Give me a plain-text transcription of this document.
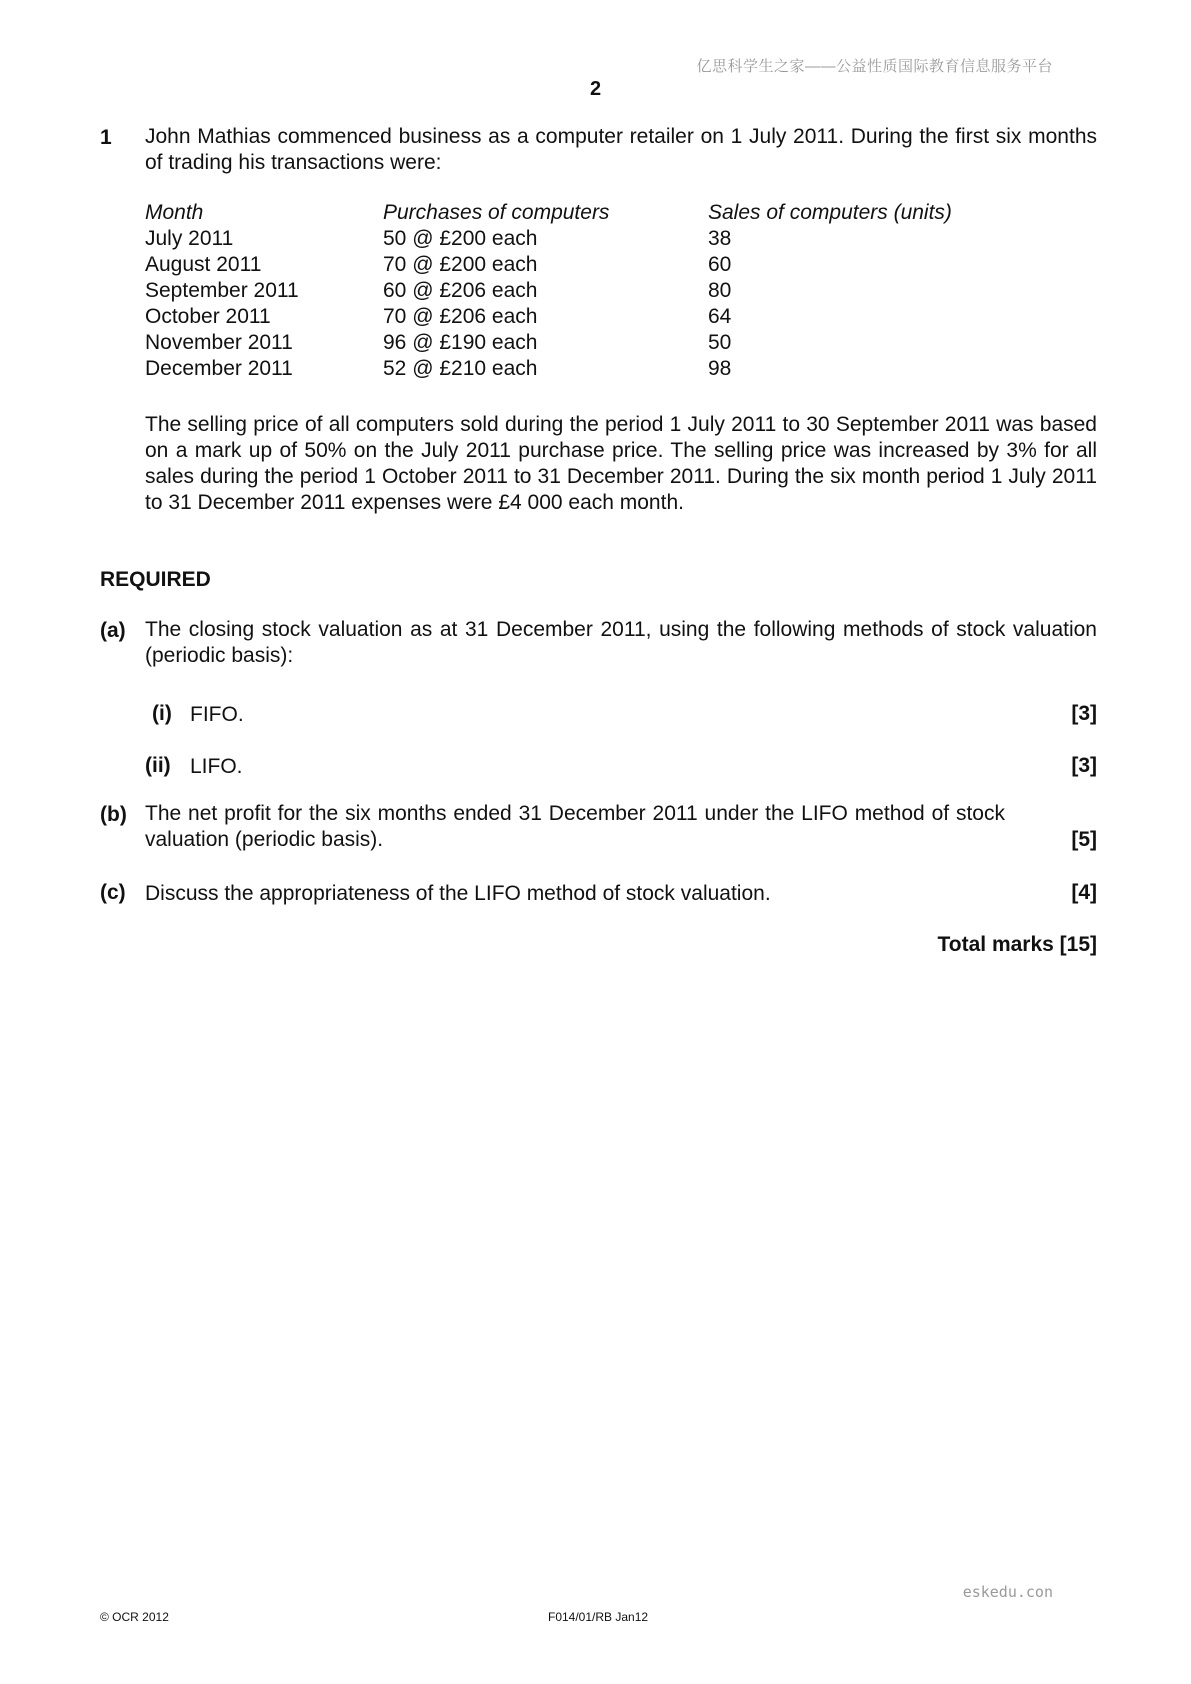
亿思科学生之家——公益性质国际教育信息服务平台
2
1 John Mathias commenced business as a computer retailer on 1 July 2011. During the first six months of trading his transactions were:
Month	Purchases of computers	Sales of computers (units)
July 2011	50 @ £200 each	38
August 2011	70 @ £200 each	60
September 2011	60 @ £206 each	80
October 2011	70 @ £206 each	64
November 2011	96 @ £190 each	50
December 2011	52 @ £210 each	98
The selling price of all computers sold during the period 1 July 2011 to 30 September 2011 was based on a mark up of 50% on the July 2011 purchase price. The selling price was increased by 3% for all sales during the period 1 October 2011 to 31 December 2011. During the six month period 1 July 2011 to 31 December 2011 expenses were £4 000 each month.
REQUIRED
(a) The closing stock valuation as at 31 December 2011, using the following methods of stock valuation (periodic basis):
(i) FIFO.	[3]
(ii) LIFO.	[3]
(b) The net profit for the six months ended 31 December 2011 under the LIFO method of stock valuation (periodic basis).	[5]
(c) Discuss the appropriateness of the LIFO method of stock valuation.	[4]
Total marks [15]
eskedu.con
© OCR 2012	F014/01/RB Jan12
